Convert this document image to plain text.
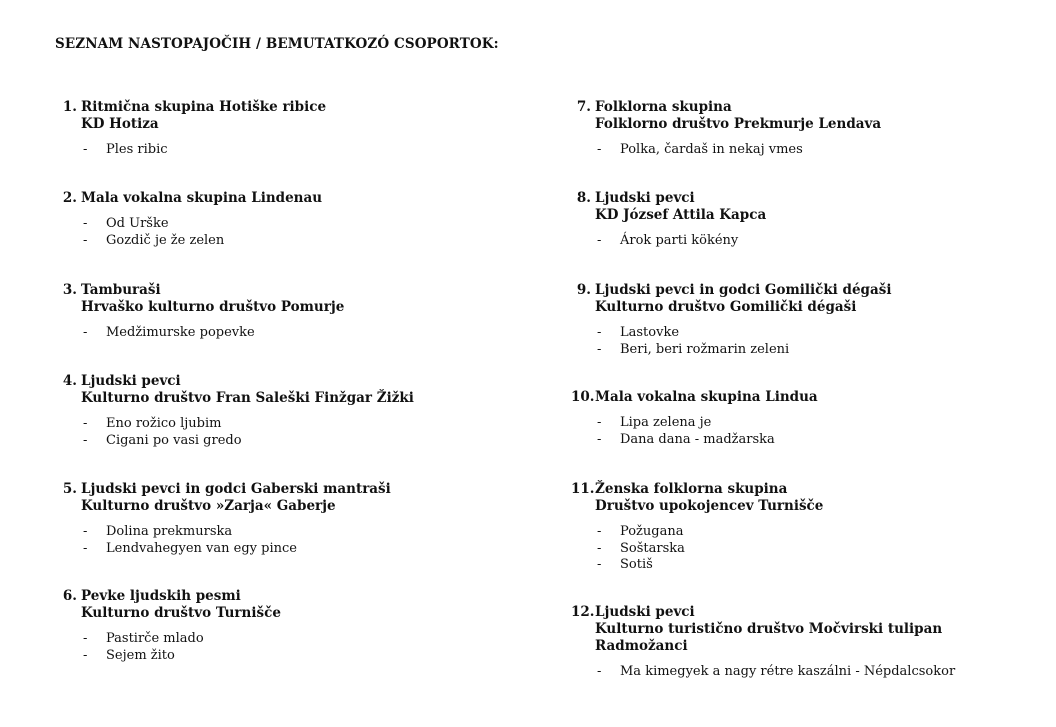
SEZNAM NASTOPAJOČIH / BEMUTATKOZÓ CSOPORTOK:
1. Ritmična skupina Hotiške ribice
KD Hotiza
-	Ples ribic
2. Mala vokalna skupina Lindenau
-	Od Urške
-	Gozdič je že zelen
3. Tamburaši
Hrvaško kulturno društvo Pomurje
-	Medžimurske popevke
4. Ljudski pevci
Kulturno društvo Fran Saleški Finžgar Žižki
-	Eno rožico ljubim
-	Cigani po vasi gredo
5. Ljudski pevci in godci Gaberski mantraši
Kulturno društvo »Zarja« Gaberje
-	Dolina prekmurska
-	Lendvahegyen van egy pince
6. Pevke ljudskih pesmi
Kulturno društvo Turnišče
-	Pastirče mlado
-	Sejem žito
7. Folklorna skupina
Folklorno društvo Prekmurje Lendava
-	Polka, čardaš in nekaj vmes
8. Ljudski pevci
KD József Attila Kapca
-	Árok parti kökény
9. Ljudski pevci in godci Gomilički dégaši
Kulturno društvo Gomilički dégaši
-	Lastovke
-	Beri, beri rožmarin zeleni
10. Mala vokalna skupina Lindua
-	Lipa zelena je
-	Dana dana - madžarska
11. Ženska folklorna skupina
Društvo upokojencev Turnišče
-	Požugana
-	Soštarska
-	Sotiš
12. Ljudski pevci
Kulturno turistično društvo Močvirski tulipan
Radmožanci
-	Ma kimegyek a nagy rétre kaszálni - Népdalcsokor
